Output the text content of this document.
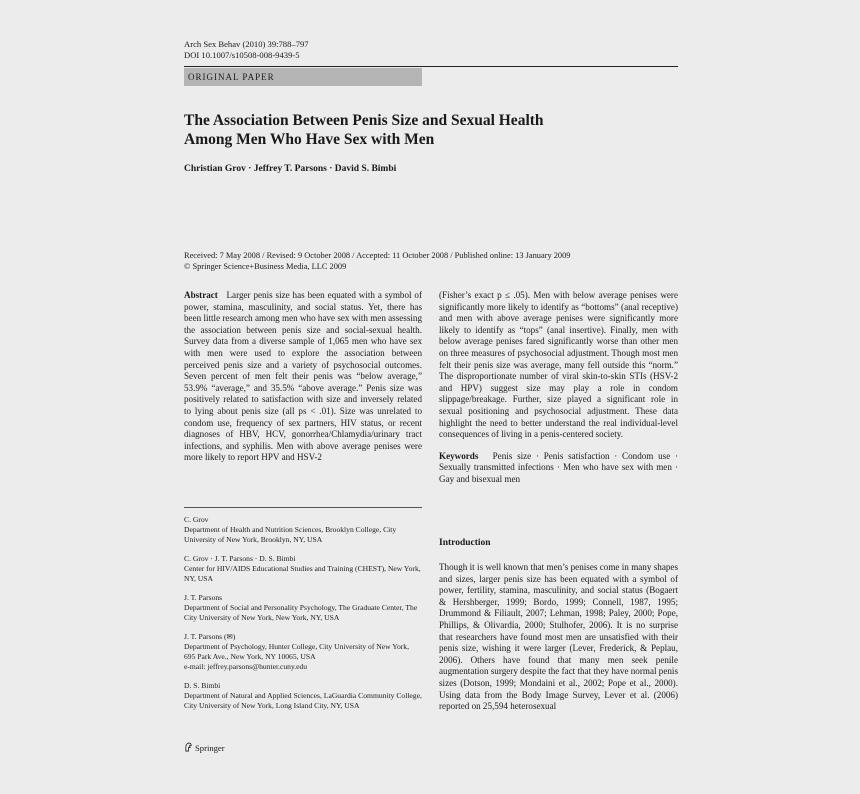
Arch Sex Behav (2010) 39:788–797
DOI 10.1007/s10508-008-9439-5
ORIGINAL PAPER
The Association Between Penis Size and Sexual Health
Among Men Who Have Sex with Men
Christian Grov · Jeffrey T. Parsons · David S. Bimbi
Received: 7 May 2008 / Revised: 9 October 2008 / Accepted: 11 October 2008 / Published online: 13 January 2009
© Springer Science+Business Media, LLC 2009
Abstract Larger penis size has been equated with a symbol of power, stamina, masculinity, and social status. Yet, there has been little research among men who have sex with men assessing the association between penis size and social-sexual health. Survey data from a diverse sample of 1,065 men who have sex with men were used to explore the association between perceived penis size and a variety of psychosocial outcomes. Seven percent of men felt their penis was “below average,” 53.9% “average,” and 35.5% “above average.” Penis size was positively related to satisfaction with size and inversely related to lying about penis size (all ps < .01). Size was unrelated to condom use, frequency of sex partners, HIV status, or recent diagnoses of HBV, HCV, gonorrhea/Chlamydia/urinary tract infections, and syphilis. Men with above average penises were more likely to report HPV and HSV-2
(Fisher’s exact p ≤ .05). Men with below average penises were significantly more likely to identify as “bottoms” (anal receptive) and men with above average penises were significantly more likely to identify as “tops” (anal insertive). Finally, men with below average penises fared significantly worse than other men on three measures of psychosocial adjustment. Though most men felt their penis size was average, many fell outside this “norm.” The disproportionate number of viral skin-to-skin STIs (HSV-2 and HPV) suggest size may play a role in condom slippage/breakage. Further, size played a significant role in sexual positioning and psychosocial adjustment. These data highlight the need to better understand the real individual-level consequences of living in a penis-centered society.
Keywords Penis size · Penis satisfaction · Condom use · Sexually transmitted infections · Men who have sex with men · Gay and bisexual men
C. Grov
Department of Health and Nutrition Sciences, Brooklyn College, City University of New York, Brooklyn, NY, USA
C. Grov · J. T. Parsons · D. S. Bimbi
Center for HIV/AIDS Educational Studies and Training (CHEST), New York, NY, USA
J. T. Parsons
Department of Social and Personality Psychology, The Graduate Center, The City University of New York, New York, NY, USA
J. T. Parsons (✉)
Department of Psychology, Hunter College, City University of New York, 695 Park Ave., New York, NY 10065, USA
e-mail: jeffrey.parsons@hunter.cuny.edu
D. S. Bimbi
Department of Natural and Applied Sciences, LaGuardia Community College, City University of New York, Long Island City, NY, USA
Introduction
Though it is well known that men’s penises come in many shapes and sizes, larger penis size has been equated with a symbol of power, fertility, stamina, masculinity, and social status (Bogaert & Hershberger, 1999; Bordo, 1999; Connell, 1987, 1995; Drummond & Filiault, 2007; Lehman, 1998; Paley, 2000; Pope, Phillips, & Olivardia, 2000; Stulhofer, 2006). It is no surprise that researchers have found most men are unsatisfied with their penis size, wishing it were larger (Lever, Frederick, & Peplau, 2006). Others have found that many men seek penile augmentation surgery despite the fact that they have normal penis sizes (Dotson, 1999; Mondaini et al., 2002; Pope et al., 2000). Using data from the Body Image Survey, Lever et al. (2006) reported on 25,594 heterosexual
Springer
